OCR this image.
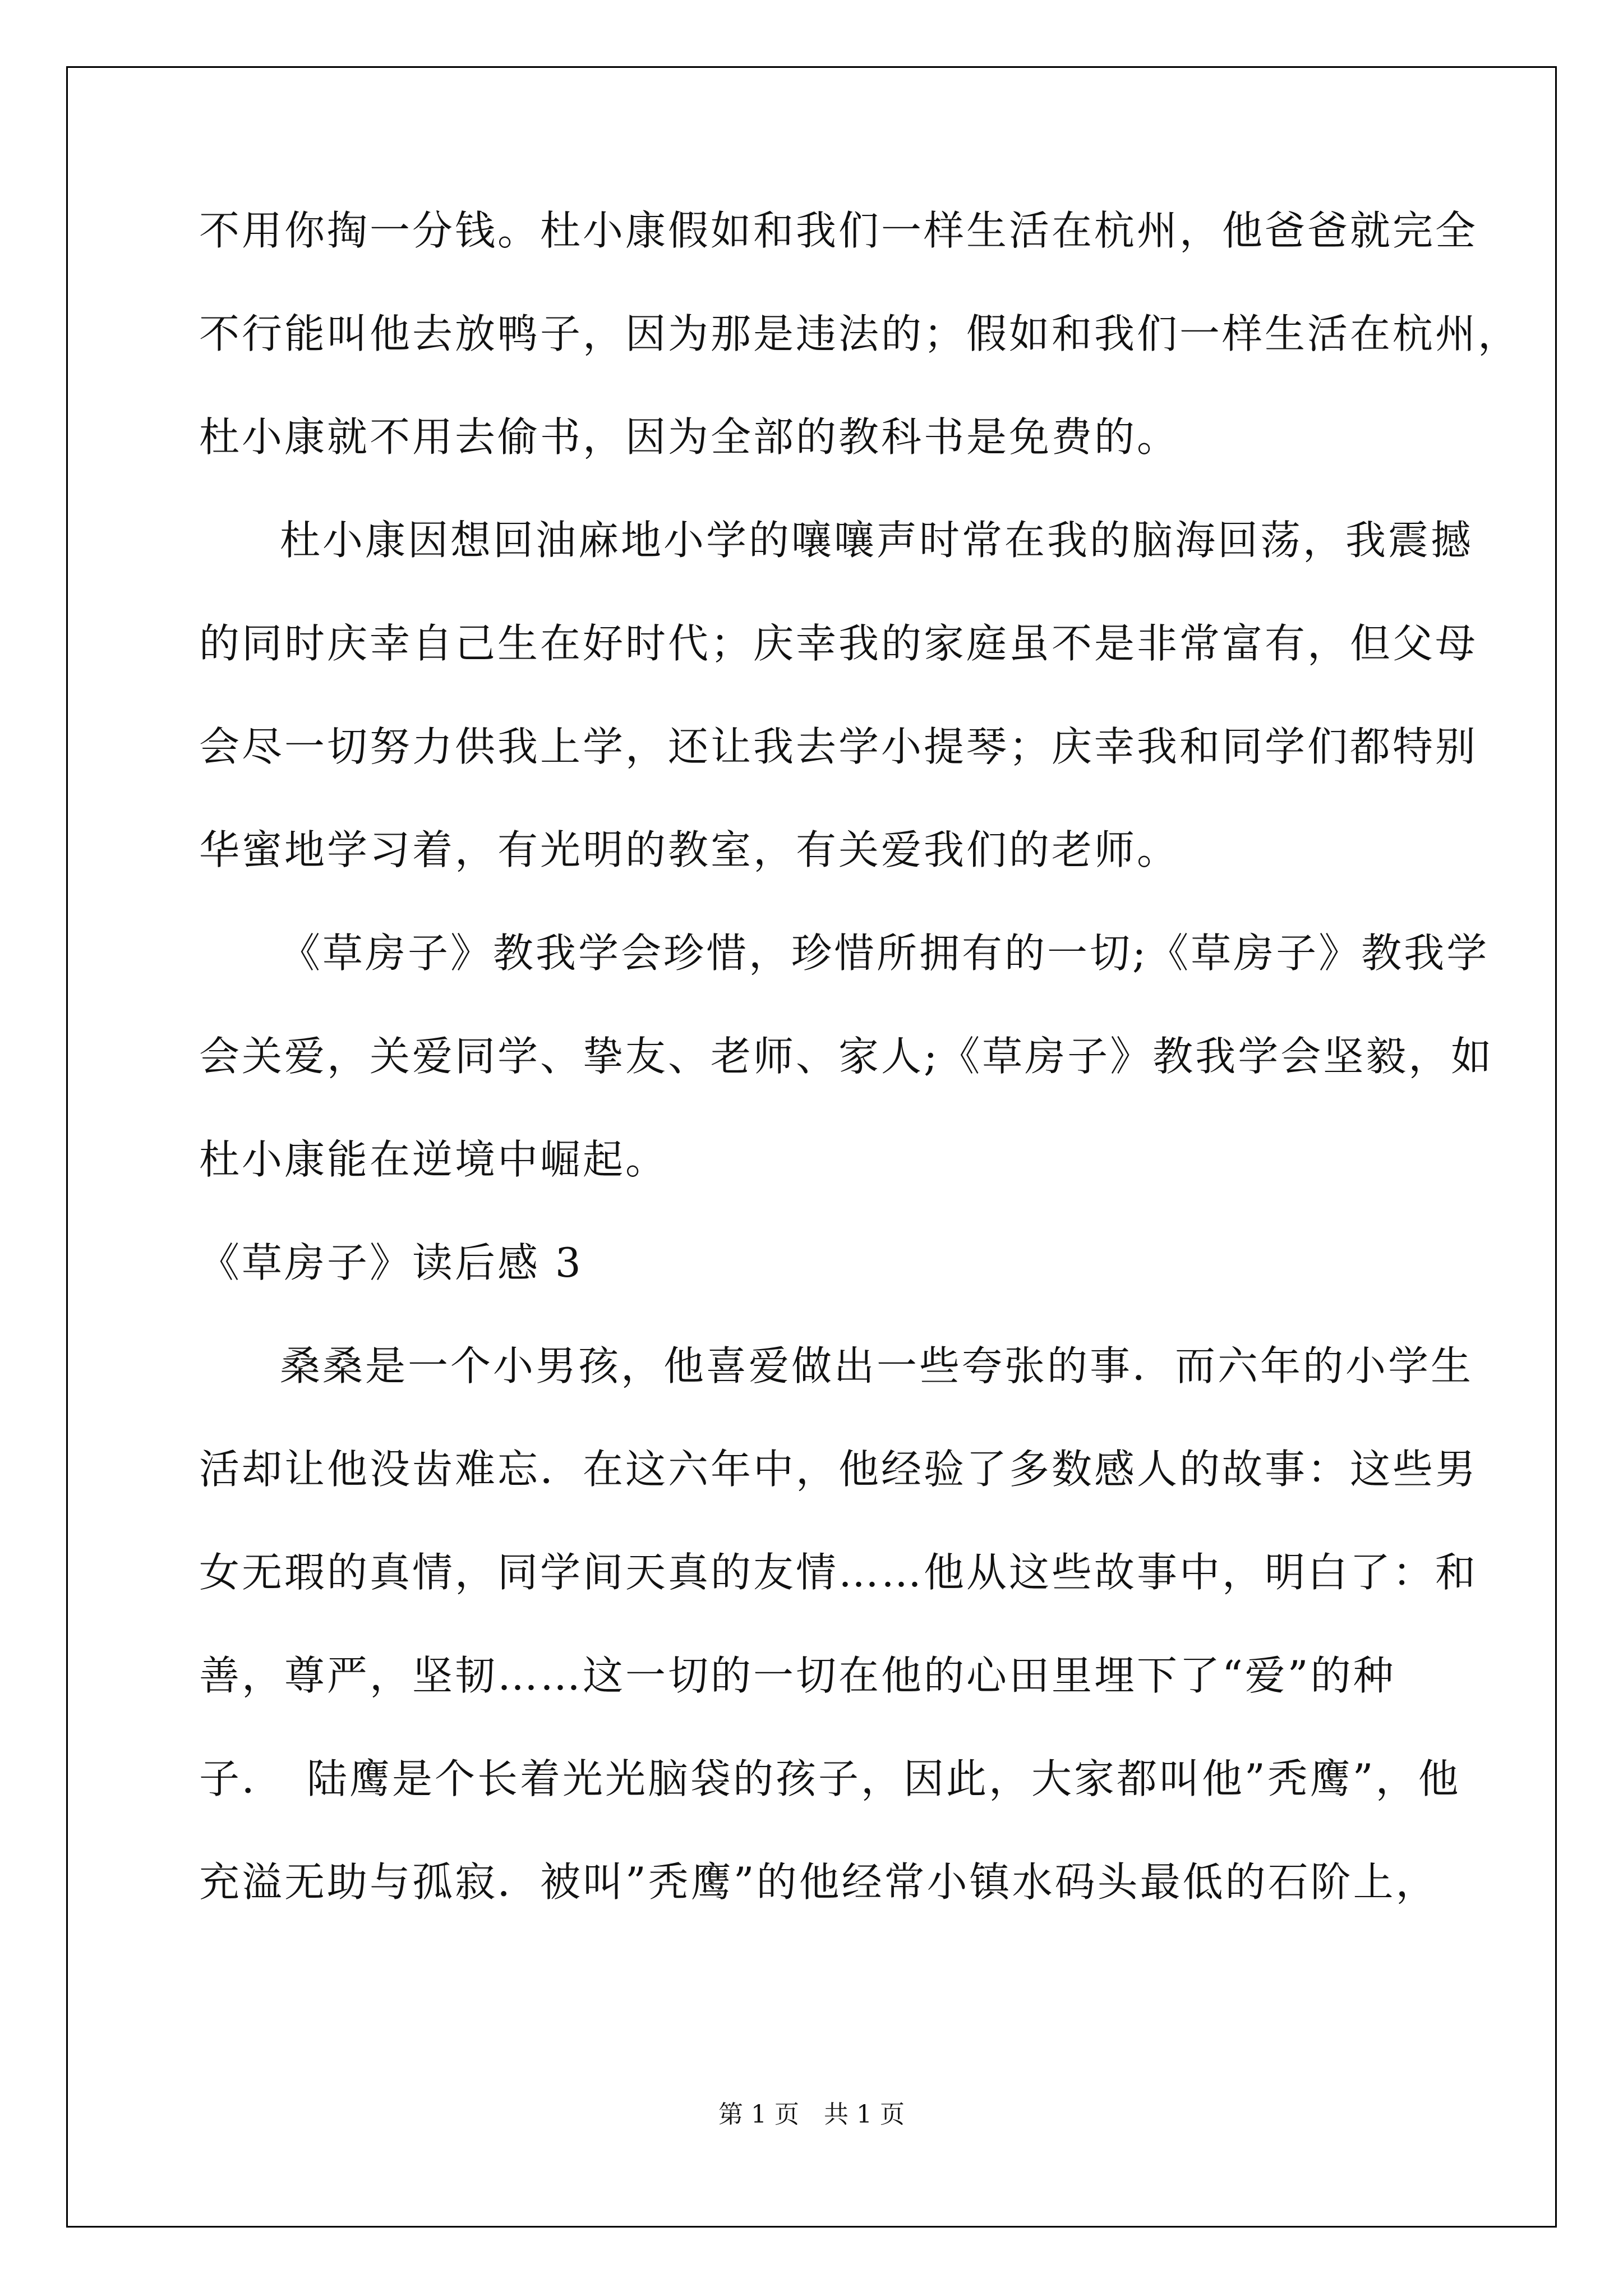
不用你掏一分钱。杜小康假如和我们一样生活在杭州，他爸爸就完全
不行能叫他去放鸭子，因为那是违法的；假如和我们一样生活在杭州，
杜小康就不用去偷书，因为全部的教科书是免费的。
杜小康因想回油麻地小学的嚷嚷声时常在我的脑海回荡，我震撼
的同时庆幸自己生在好时代；庆幸我的家庭虽不是非常富有，但父母
会尽一切努力供我上学，还让我去学小提琴；庆幸我和同学们都特别
华蜜地学习着，有光明的教室，有关爱我们的老师。
《草房子》教我学会珍惜，珍惜所拥有的一切;《草房子》教我学
会关爱，关爱同学、挚友、老师、家人;《草房子》教我学会坚毅，如
杜小康能在逆境中崛起。
《草房子》读后感 3
桑桑是一个小男孩，他喜爱做出一些夸张的事．而六年的小学生
活却让他没齿难忘．在这六年中，他经验了多数感人的故事：这些男
女无瑕的真情，同学间天真的友情……他从这些故事中，明白了：和
善，尊严，坚韧……这一切的一切在他的心田里埋下了“爱”的种
子．　陆鹰是个长着光光脑袋的孩子，因此，大家都叫他”秃鹰”，他
充溢无助与孤寂．被叫”秃鹰”的他经常小镇水码头最低的石阶上，
第 1 页　共 1 页
